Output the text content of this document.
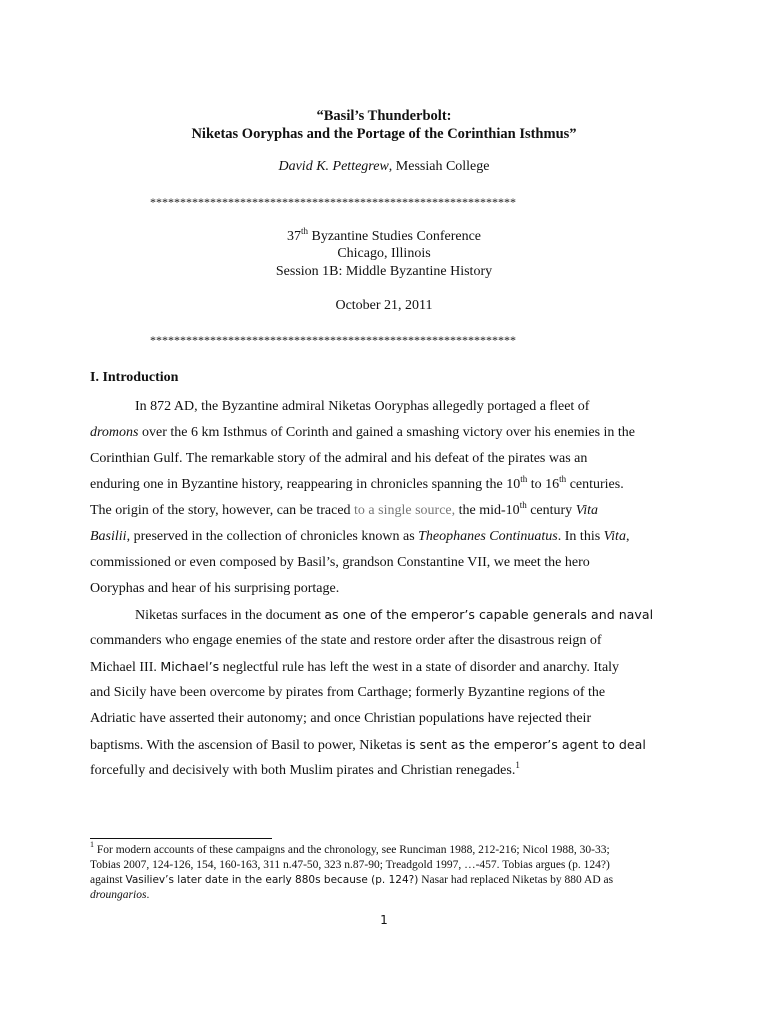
“Basil’s Thunderbolt:
Niketas Ooryphas and the Portage of the Corinthian Isthmus”
David K. Pettegrew, Messiah College
*************************************************************
37th Byzantine Studies Conference
Chicago, Illinois
Session 1B: Middle Byzantine History
October 21, 2011
*************************************************************
I. Introduction
In 872 AD, the Byzantine admiral Niketas Ooryphas allegedly portaged a fleet of
dromons over the 6 km Isthmus of Corinth and gained a smashing victory over his enemies in the
Corinthian Gulf. The remarkable story of the admiral and his defeat of the pirates was an
enduring one in Byzantine history, reappearing in chronicles spanning the 10th to 16th centuries.
The origin of the story, however, can be traced to a single source, the mid-10th century Vita
Basilii, preserved in the collection of chronicles known as Theophanes Continuatus. In this Vita,
commissioned or even composed by Basil’s, grandson Constantine VII, we meet the hero
Ooryphas and hear of his surprising portage.
Niketas surfaces in the document as one of the emperor’s capable generals and naval
commanders who engage enemies of the state and restore order after the disastrous reign of
Michael III. Michael’s neglectful rule has left the west in a state of disorder and anarchy. Italy
and Sicily have been overcome by pirates from Carthage; formerly Byzantine regions of the
Adriatic have asserted their autonomy; and once Christian populations have rejected their
baptisms. With the ascension of Basil to power, Niketas is sent as the emperor’s agent to deal
forcefully and decisively with both Muslim pirates and Christian renegades.$^1$
$^1$ For modern accounts of these campaigns and the chronology, see Runciman 1988, 212-216; Nicol 1988, 30-33;
Tobias 2007, 124-126, 154, 160-163, 311 n.47-50, 323 n.87-90; Treadgold 1997, …-457. Tobias argues (p. 124?)
against Vasiliev’s later date in the early 880s because (p. 124?) Nasar had replaced Niketas by 880 AD as
droungarios.
1
